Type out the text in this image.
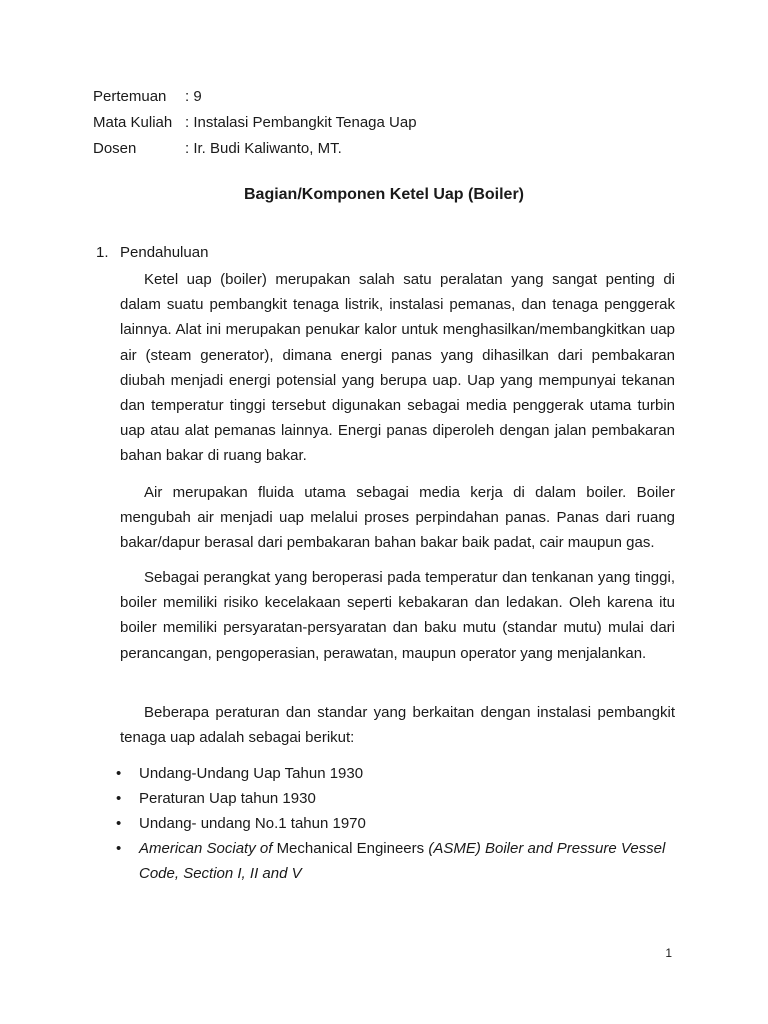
Pertemuan	: 9
Mata Kuliah : Instalasi Pembangkit Tenaga Uap
Dosen	: Ir. Budi Kaliwanto, MT.
Bagian/Komponen Ketel Uap (Boiler)
1. Pendahuluan

Ketel uap (boiler) merupakan salah satu peralatan yang sangat penting di dalam suatu pembangkit tenaga listrik, instalasi pemanas, dan tenaga penggerak lainnya. Alat ini merupakan penukar kalor untuk menghasilkan/membangkitkan uap air (steam generator), dimana energi panas yang dihasilkan dari pembakaran diubah menjadi energi potensial yang berupa uap. Uap yang mempunyai tekanan dan temperatur tinggi tersebut digunakan sebagai media penggerak utama turbin uap atau alat pemanas lainnya. Energi panas diperoleh dengan jalan pembakaran bahan bakar di ruang bakar.

Air merupakan fluida utama sebagai media kerja di dalam boiler. Boiler mengubah air menjadi uap melalui proses perpindahan panas. Panas dari ruang bakar/dapur berasal dari pembakaran bahan bakar baik padat, cair maupun gas.

Sebagai perangkat yang beroperasi pada temperatur dan tenkanan yang tinggi, boiler memiliki risiko kecelakaan seperti kebakaran dan ledakan. Oleh karena itu boiler memiliki persyaratan-persyaratan dan baku mutu (standar mutu) mulai dari perancangan, pengoperasian, perawatan, maupun operator yang menjalankan.

Beberapa peraturan dan standar yang berkaitan dengan instalasi pembangkit tenaga uap adalah sebagai berikut:

• Undang-Undang Uap Tahun 1930
• Peraturan Uap tahun 1930
• Undang- undang No.1 tahun 1970
• American Sociaty of Mechanical Engineers (ASME) Boiler and Pressure Vessel Code, Section I, II and V
1
